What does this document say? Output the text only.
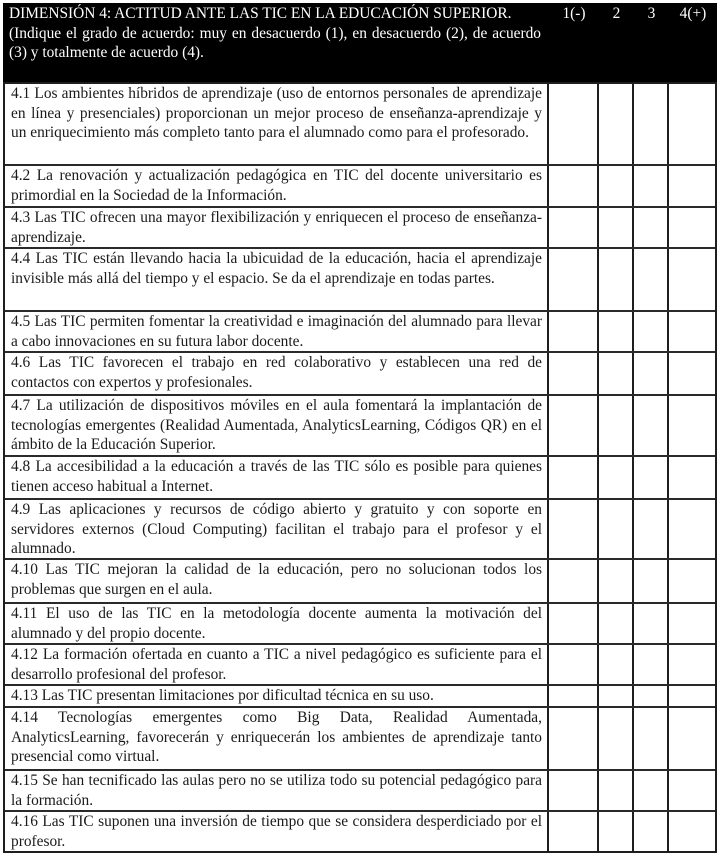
DIMENSIÓN 4: ACTITUD ANTE LAS TIC EN LA EDUCACIÓN SUPERIOR.
(Indique el grado de acuerdo: muy en desacuerdo (1), en desacuerdo (2), de acuerdo (3) y totalmente de acuerdo (4).
1(-)	2	3	4(+)
4.1 Los ambientes híbridos de aprendizaje (uso de entornos personales de aprendizaje en línea y presenciales) proporcionan un mejor proceso de enseñanza-aprendizaje y un enriquecimiento más completo tanto para el alumnado como para el profesorado.
4.2 La renovación y actualización pedagógica en TIC del docente universitario es primordial en la Sociedad de la Información.
4.3 Las TIC ofrecen una mayor flexibilización y enriquecen el proceso de enseñanza-aprendizaje.
4.4 Las TIC están llevando hacia la ubicuidad de la educación, hacia el aprendizaje invisible más allá del tiempo y el espacio. Se da el aprendizaje en todas partes.
4.5 Las TIC permiten fomentar la creatividad e imaginación del alumnado para llevar a cabo innovaciones en su futura labor docente.
4.6 Las TIC favorecen el trabajo en red colaborativo y establecen una red de contactos con expertos y profesionales.
4.7 La utilización de dispositivos móviles en el aula fomentará la implantación de tecnologías emergentes (Realidad Aumentada, AnalyticsLearning, Códigos QR) en el ámbito de la Educación Superior.
4.8 La accesibilidad a la educación a través de las TIC sólo es posible para quienes tienen acceso habitual a Internet.
4.9 Las aplicaciones y recursos de código abierto y gratuito y con soporte en servidores externos (Cloud Computing) facilitan el trabajo para el profesor y el alumnado.
4.10 Las TIC mejoran la calidad de la educación, pero no solucionan todos los problemas que surgen en el aula.
4.11 El uso de las TIC en la metodología docente aumenta la motivación del alumnado y del propio docente.
4.12 La formación ofertada en cuanto a TIC a nivel pedagógico es suficiente para el desarrollo profesional del profesor.
4.13 Las TIC presentan limitaciones por dificultad técnica en su uso.
4.14 Tecnologías emergentes como Big Data, Realidad Aumentada, AnalyticsLearning, favorecerán y enriquecerán los ambientes de aprendizaje tanto presencial como virtual.
4.15 Se han tecnificado las aulas pero no se utiliza todo su potencial pedagógico para la formación.
4.16 Las TIC suponen una inversión de tiempo que se considera desperdiciado por el profesor.
